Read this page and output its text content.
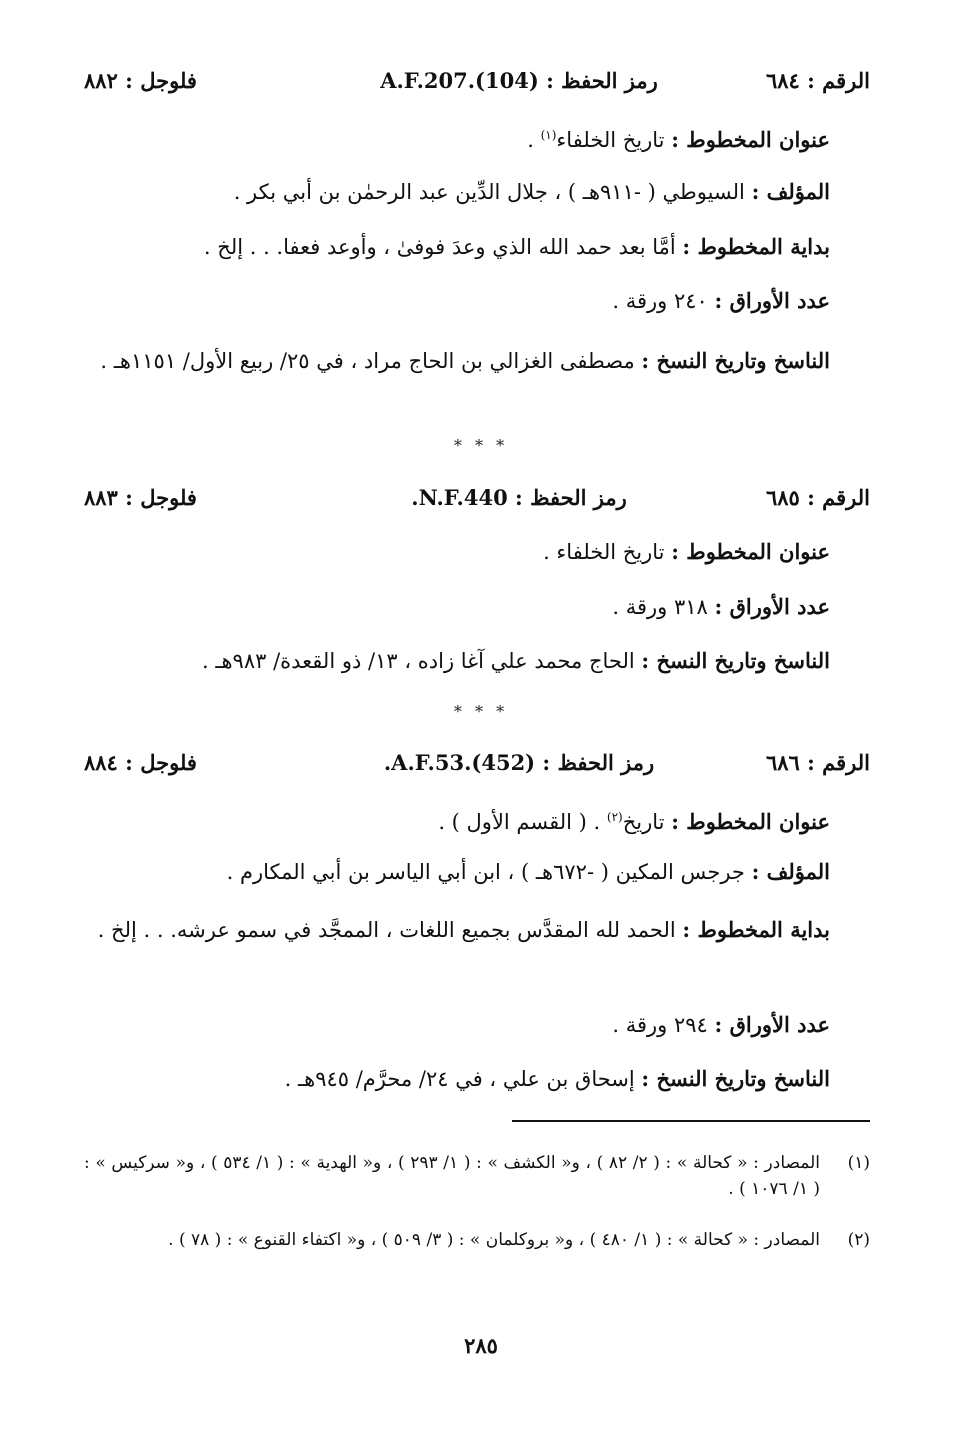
الرقم : ٦٨٤
رمز الحفظ : A.F.207.(104)
فلوجل : ٨٨٢
عنوان المخطوط : تاريخ الخلفاء$^{(١)}$ .
المؤلف : السيوطي ( -٩١١هـ ) ، جلال الدِّين عبد الرحمٰن بن أبي بكر .
بداية المخطوط : أمَّا بعد حمد الله الذي وعدَ فوفىٰ ، وأوعد فعفا. . . إلخ .
عدد الأوراق : ٢٤٠ ورقة .
الناسخ وتاريخ النسخ : مصطفى الغزالي بن الحاج مراد ، في ٢٥/ ربيع الأول/ ١١٥١هـ .
* * *
الرقم : ٦٨٥
رمز الحفظ : N.F.440.
فلوجل : ٨٨٣
عنوان المخطوط : تاريخ الخلفاء .
عدد الأوراق : ٣١٨ ورقة .
الناسخ وتاريخ النسخ : الحاج محمد علي آغا زاده ، ١٣/ ذو القعدة/ ٩٨٣هـ .
* * *
الرقم : ٦٨٦
رمز الحفظ : A.F.53.(452).
فلوجل : ٨٨٤
عنوان المخطوط : تاريخ$^{(٢)}$ . ( القسم الأول ) .
المؤلف : جرجس المكين ( -٦٧٢هـ ) ، ابن أبي الياسر بن أبي المكارم .
بداية المخطوط : الحمد لله المقدَّس بجميع اللغات ، الممجَّد في سمو عرشه. . . إلخ .
عدد الأوراق : ٢٩٤ ورقة .
الناسخ وتاريخ النسخ : إسحاق بن علي ، في ٢٤/ محرَّم/ ٩٤٥هـ .
(١)
المصادر : « كحالة » : ( ٢/ ٨٢ ) ، و« الكشف » : ( ١/ ٢٩٣ ) ، و« الهدية » : ( ١/ ٥٣٤ ) ، و« سركيس » : ( ١/ ١٠٧٦ ) .
(٢)
المصادر : « كحالة » : ( ١/ ٤٨٠ ) ، و« بروكلمان » : ( ٣/ ٥٠٩ ) ، و« اكتفاء القنوع » : ( ٧٨ ) .
٢٨٥
